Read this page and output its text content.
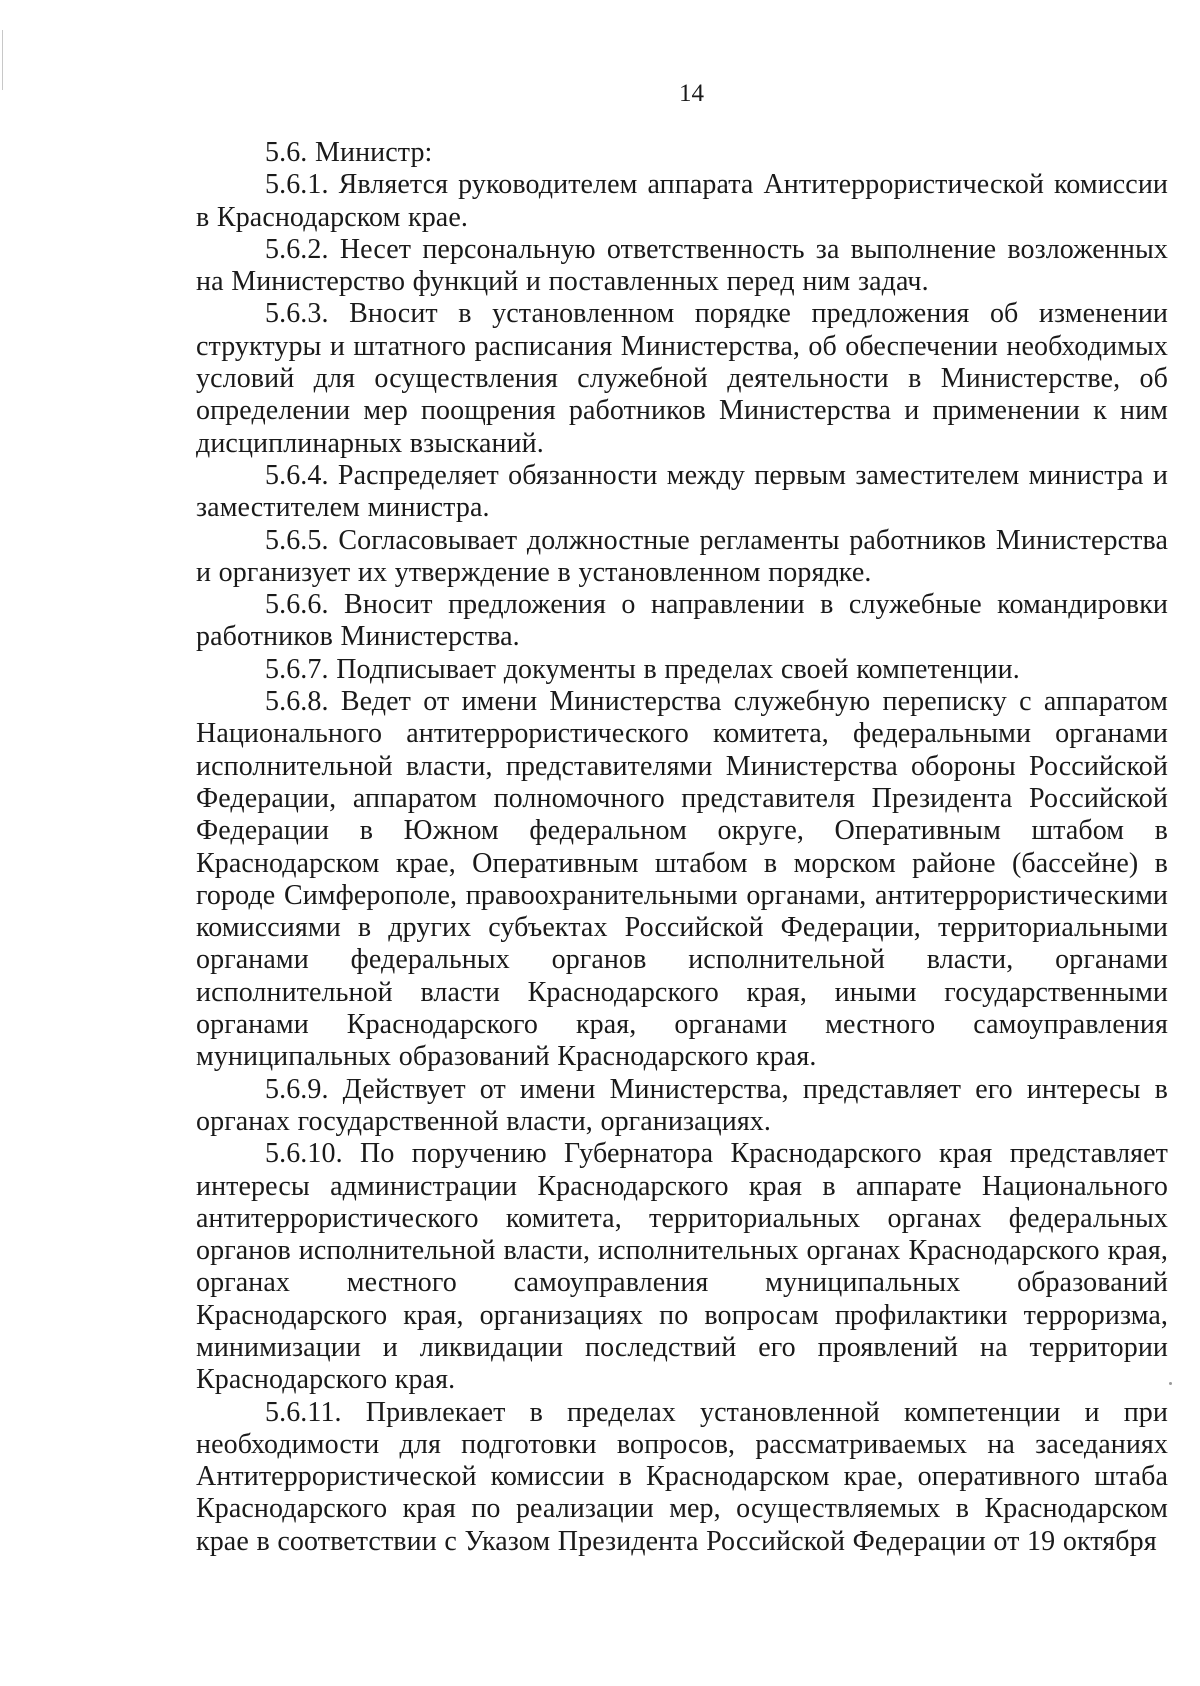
14

5.6. Министр:

5.6.1. Является руководителем аппарата Антитеррористической комиссии в Краснодарском крае.

5.6.2. Несет персональную ответственность за выполнение возложенных на Министерство функций и поставленных перед ним задач.

5.6.3. Вносит в установленном порядке предложения об изменении структуры и штатного расписания Министерства, об обеспечении необходимых условий для осуществления служебной деятельности в Министерстве, об определении мер поощрения работников Министерства и применении к ним дисциплинарных взысканий.

5.6.4. Распределяет обязанности между первым заместителем министра и заместителем министра.

5.6.5. Согласовывает должностные регламенты работников Министерства и организует их утверждение в установленном порядке.

5.6.6. Вносит предложения о направлении в служебные командировки работников Министерства.

5.6.7. Подписывает документы в пределах своей компетенции.

5.6.8. Ведет от имени Министерства служебную переписку с аппаратом Национального антитеррористического комитета, федеральными органами исполнительной власти, представителями Министерства обороны Российской Федерации, аппаратом полномочного представителя Президента Российской Федерации в Южном федеральном округе, Оперативным штабом в Краснодарском крае, Оперативным штабом в морском районе (бассейне) в городе Симферополе, правоохранительными органами, антитеррористическими комиссиями в других субъектах Российской Федерации, территориальными органами федеральных органов исполнительной власти, органами исполнительной власти Краснодарского края, иными государственными органами Краснодарского края, органами местного самоуправления муниципальных образований Краснодарского края.

5.6.9. Действует от имени Министерства, представляет его интересы в органах государственной власти, организациях.

5.6.10. По поручению Губернатора Краснодарского края представляет интересы администрации Краснодарского края в аппарате Национального антитеррористического комитета, территориальных органах федеральных органов исполнительной власти, исполнительных органах Краснодарского края, органах местного самоуправления муниципальных образований Краснодарского края, организациях по вопросам профилактики терроризма, минимизации и ликвидации последствий его проявлений на территории Краснодарского края.

5.6.11. Привлекает в пределах установленной компетенции и при необходимости для подготовки вопросов, рассматриваемых на заседаниях Антитеррористической комиссии в Краснодарском крае, оперативного штаба Краснодарского края по реализации мер, осуществляемых в Краснодарском крае в соответствии с Указом Президента Российской Федерации от 19 октября
